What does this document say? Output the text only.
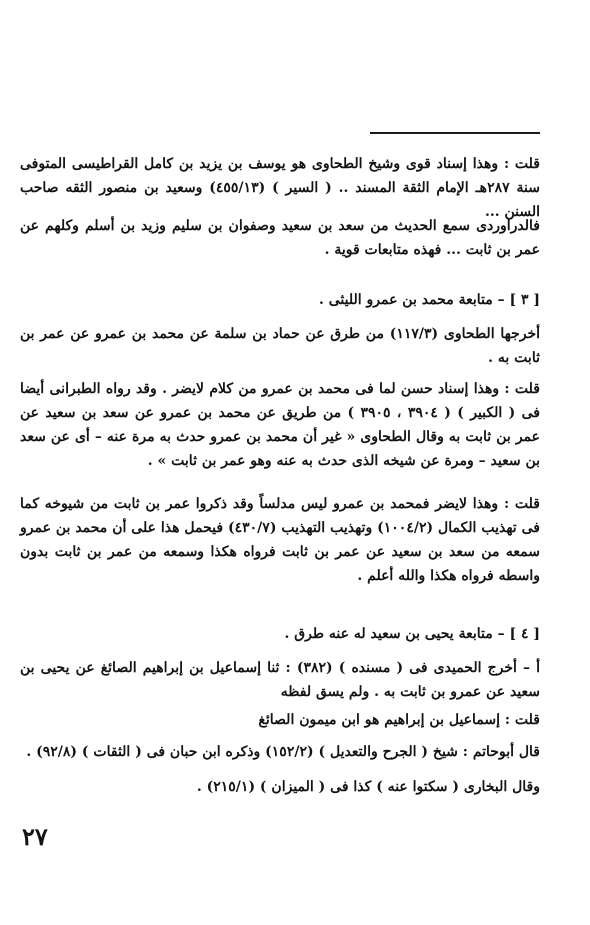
قلت : وهذا إسناد قوى وشيخ الطحاوى هو يوسف بن يزيد بن كامل القراطيسى المتوفى سنة ٢٨٧هـ الإمام الثقة المسند .. ( السير ) (٤٥٥/١٣) وسعيد بن منصور الثقه صاحب السنن ...
فالدراوردى سمع الحديث من سعد بن سعيد وصفوان بن سليم وزيد بن أسلم وكلهم عن عمر بن ثابت ... فهذه متابعات قوية .
[ ٣ ] – متابعة محمد بن عمرو الليثى .
أخرجها الطحاوى (١١٧/٣) من طرق عن حماد بن سلمة عن محمد بن عمرو عن عمر بن ثابت به .
قلت : وهذا إسناد حسن لما فى محمد بن عمرو من كلام لايضر . وقد رواه الطبرانى أيضا فى ( الكبير ) ( ٣٩٠٤ ، ٣٩٠٥ ) من طريق عن محمد بن عمرو عن سعد بن سعيد عن عمر بن ثابت به وقال الطحاوى « غير أن محمد بن عمرو حدث به مرة عنه – أى عن سعد بن سعيد – ومرة عن شيخه الذى حدث به عنه وهو عمر بن ثابت » .
قلت : وهذا لايضر فمحمد بن عمرو ليس مدلساً وقد ذكروا عمر بن ثابت من شيوخه كما فى تهذيب الكمال (١٠٠٤/٢) وتهذيب التهذيب (٤٣٠/٧) فيحمل هذا على أن محمد بن عمرو سمعه من سعد بن سعيد عن عمر بن ثابت فرواه هكذا وسمعه من عمر بن ثابت بدون واسطه فرواه هكذا والله أعلم .
[ ٤ ] – متابعة يحيى بن سعيد له عنه طرق .
أ – أخرج الحميدى فى ( مسنده ) (٣٨٢) : ثنا إسماعيل بن إبراهيم الصائغ عن يحيى بن سعيد عن عمرو بن ثابت به . ولم يسق لفظه
قلت : إسماعيل بن إبراهيم هو ابن ميمون الصائغ
قال أبوحاتم : شيخ ( الجرح والتعديل ) (١٥٢/٢) وذكره ابن حبان فى ( الثقات ) (٩٢/٨) .
وقال البخارى ( سكتوا عنه ) كذا فى ( الميزان ) (٢١٥/١) .
٢٧
